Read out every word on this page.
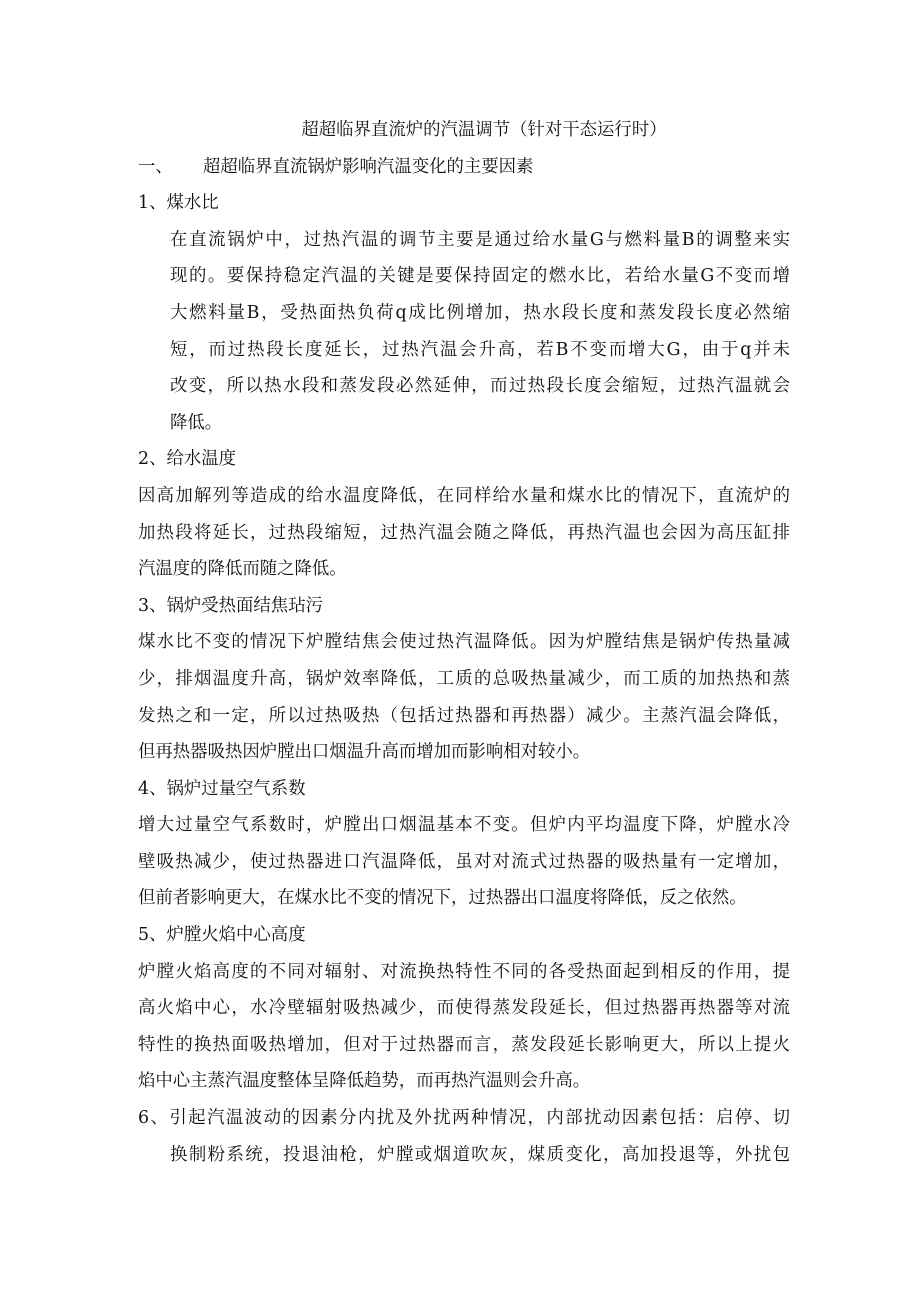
超超临界直流炉的汽温调节（针对干态运行时）
一、 超超临界直流锅炉影响汽温变化的主要因素
1、煤水比
在直流锅炉中，过热汽温的调节主要是通过给水量G与燃料量B的调整来实
现的。要保持稳定汽温的关键是要保持固定的燃水比，若给水量G不变而增
大燃料量B，受热面热负荷q成比例增加，热水段长度和蒸发段长度必然缩
短，而过热段长度延长，过热汽温会升高，若B不变而增大G，由于q并未
改变，所以热水段和蒸发段必然延伸，而过热段长度会缩短，过热汽温就会
降低。
2、给水温度
因高加解列等造成的给水温度降低，在同样给水量和煤水比的情况下，直流炉的
加热段将延长，过热段缩短，过热汽温会随之降低，再热汽温也会因为高压缸排
汽温度的降低而随之降低。
3、锅炉受热面结焦玷污
煤水比不变的情况下炉膛结焦会使过热汽温降低。因为炉膛结焦是锅炉传热量减
少，排烟温度升高，锅炉效率降低，工质的总吸热量减少，而工质的加热热和蒸
发热之和一定，所以过热吸热（包括过热器和再热器）减少。主蒸汽温会降低，
但再热器吸热因炉膛出口烟温升高而增加而影响相对较小。
4、锅炉过量空气系数
增大过量空气系数时，炉膛出口烟温基本不变。但炉内平均温度下降，炉膛水冷
壁吸热减少，使过热器进口汽温降低，虽对对流式过热器的吸热量有一定增加，
但前者影响更大，在煤水比不变的情况下，过热器出口温度将降低，反之依然。
5、炉膛火焰中心高度
炉膛火焰高度的不同对辐射、对流换热特性不同的各受热面起到相反的作用，提
高火焰中心，水冷壁辐射吸热减少，而使得蒸发段延长，但过热器再热器等对流
特性的换热面吸热增加，但对于过热器而言，蒸发段延长影响更大，所以上提火
焰中心主蒸汽温度整体呈降低趋势，而再热汽温则会升高。
6、引起汽温波动的因素分内扰及外扰两种情况，内部扰动因素包括：启停、切
换制粉系统，投退油枪，炉膛或烟道吹灰，煤质变化，高加投退等，外扰包
